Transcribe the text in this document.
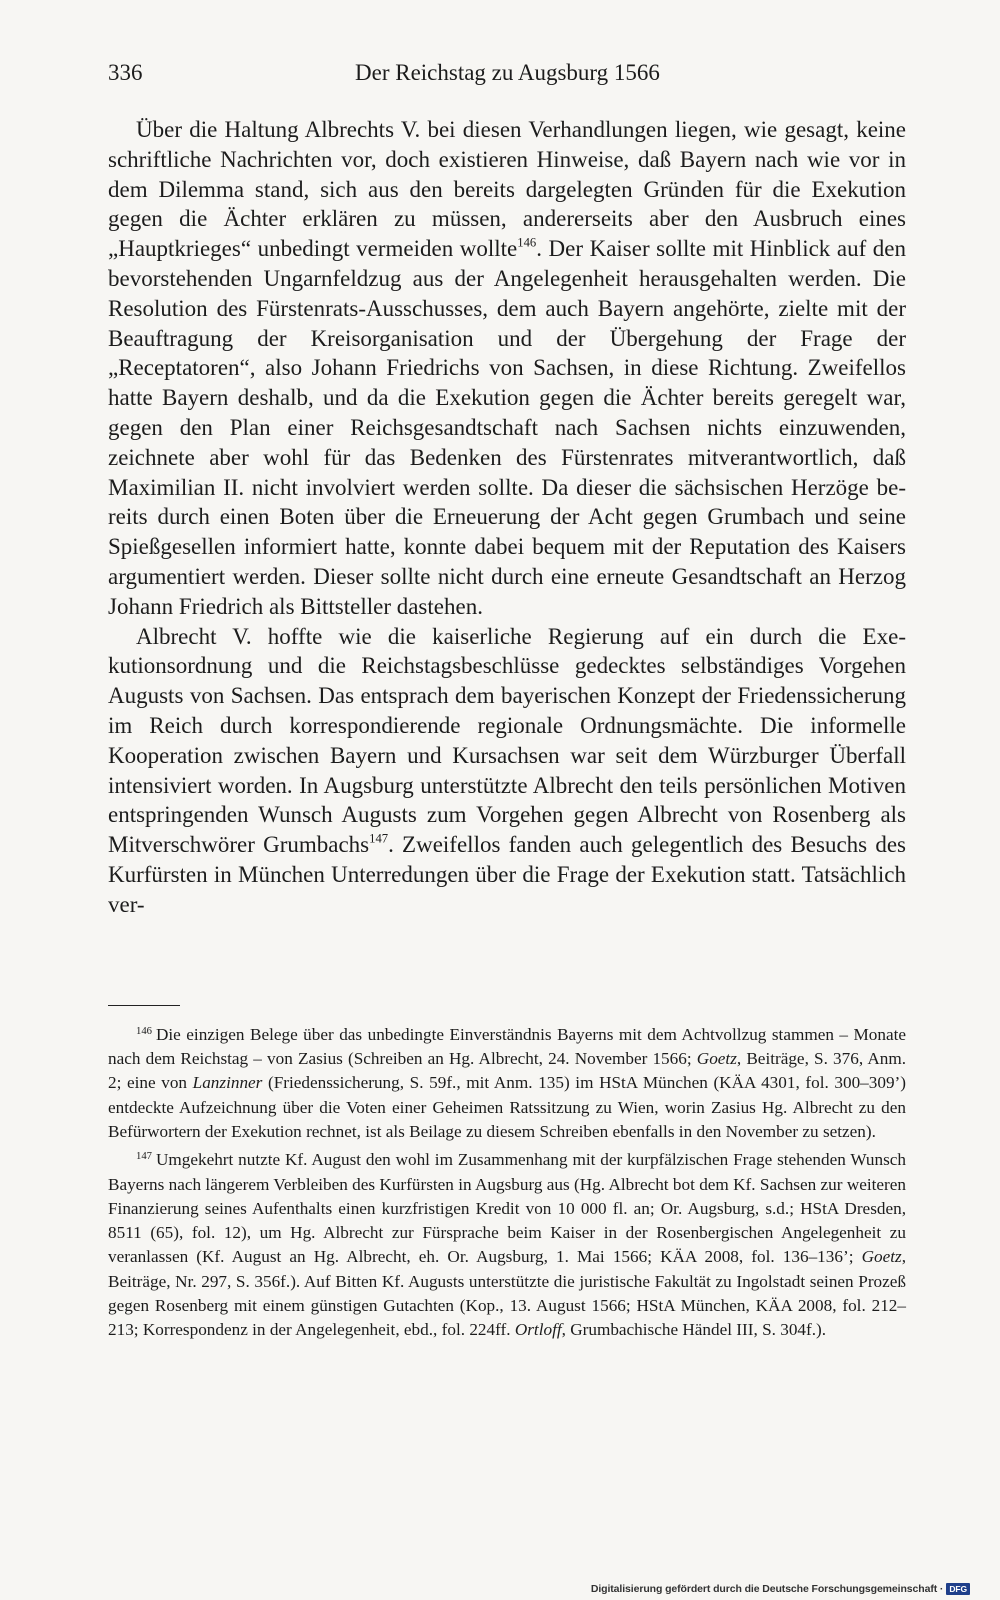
336	Der Reichstag zu Augsburg 1566

Über die Haltung Albrechts V. bei diesen Verhandlungen liegen, wie gesagt, keine schriftliche Nachrichten vor, doch existieren Hinweise, daß Bayern nach wie vor in dem Dilemma stand, sich aus den bereits dargelegten Gründen für die Exekution gegen die Ächter erklären zu müssen, andererseits aber den Ausbruch eines „Hauptkrieges“ unbedingt vermeiden wollte$^{146}$. Der Kaiser sollte mit Hinblick auf den bevorstehenden Ungarnfeldzug aus der Angelegenheit herausgehalten werden. Die Resolution des Fürstenrats-Ausschusses, dem auch Bayern angehörte, zielte mit der Beauftragung der Kreisorganisation und der Übergehung der Frage der „Receptatoren“, also Johann Friedrichs von Sachsen, in diese Richtung. Zweifellos hatte Bayern deshalb, und da die Exekution gegen die Ächter bereits geregelt war, gegen den Plan einer Reichsgesandtschaft nach Sachsen nichts einzuwenden, zeichnete aber wohl für das Bedenken des Fürstenrates mitverantwortlich, daß Maximilian II. nicht involviert werden sollte. Da dieser die sächsischen Herzöge bereits durch einen Boten über die Erneuerung der Acht gegen Grumbach und seine Spießgesellen informiert hatte, konnte dabei bequem mit der Reputation des Kaisers argumentiert werden. Dieser sollte nicht durch eine erneute Gesandtschaft an Herzog Johann Friedrich als Bittsteller dastehen.

Albrecht V. hoffte wie die kaiserliche Regierung auf ein durch die Exekutionsordnung und die Reichstagsbeschlüsse gedecktes selbständiges Vorgehen Augusts von Sachsen. Das entsprach dem bayerischen Konzept der Friedenssicherung im Reich durch korrespondierende regionale Ordnungsmächte. Die informelle Kooperation zwischen Bayern und Kursachsen war seit dem Würzburger Überfall intensiviert worden. In Augsburg unterstützte Albrecht den teils persönlichen Motiven entspringenden Wunsch Augusts zum Vorgehen gegen Albrecht von Rosenberg als Mitverschwörer Grumbachs$^{147}$. Zweifellos fanden auch gelegentlich des Besuchs des Kurfürsten in München Unterredungen über die Frage der Exekution statt. Tatsächlich ver-

$^{146}$ Die einzigen Belege über das unbedingte Einverständnis Bayerns mit dem Achtvollzug stammen – Monate nach dem Reichstag – von Zasius (Schreiben an Hg. Albrecht, 24. November 1566; Goetz, Beiträge, S. 376, Anm. 2; eine von Lanzinner (Friedenssicherung, S. 59f., mit Anm. 135) im HStA München (KÄA 4301, fol. 300–309’) entdeckte Aufzeichnung über die Voten einer Geheimen Ratssitzung zu Wien, worin Zasius Hg. Albrecht zu den Befürwortern der Exekution rechnet, ist als Beilage zu diesem Schreiben ebenfalls in den November zu setzen).

$^{147}$ Umgekehrt nutzte Kf. August den wohl im Zusammenhang mit der kurpfälzischen Frage stehenden Wunsch Bayerns nach längerem Verbleiben des Kurfürsten in Augsburg aus (Hg. Albrecht bot dem Kf. Sachsen zur weiteren Finanzierung seines Aufenthalts einen kurzfristigen Kredit von 10 000 fl. an; Or. Augsburg, s.d.; HStA Dresden, 8511 (65), fol. 12), um Hg. Albrecht zur Fürsprache beim Kaiser in der Rosenbergischen Angelegenheit zu veranlassen (Kf. August an Hg. Albrecht, eh. Or. Augsburg, 1. Mai 1566; KÄA 2008, fol. 136–136’; Goetz, Beiträge, Nr. 297, S. 356f.). Auf Bitten Kf. Augusts unterstützte die juristische Fakultät zu Ingolstadt seinen Prozeß gegen Rosenberg mit einem günstigen Gutachten (Kop., 13. August 1566; HStA München, KÄA 2008, fol. 212–213; Korrespondenz in der Angelegenheit, ebd., fol. 224ff. Ortloff, Grumbachische Händel III, S. 304f.).

Digitalisierung gefördert durch die Deutsche Forschungsgemeinschaft · DFG
